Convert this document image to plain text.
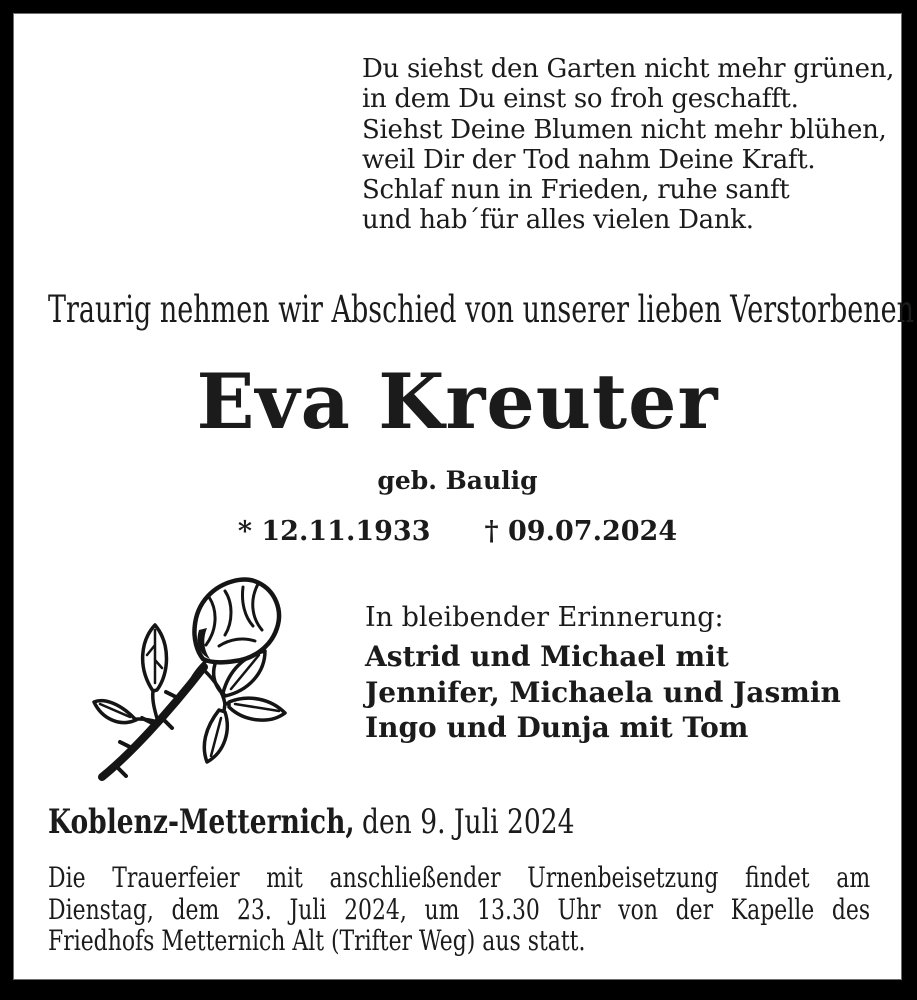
Du siehst den Garten nicht mehr grünen,
in dem Du einst so froh geschafft.
Siehst Deine Blumen nicht mehr blühen,
weil Dir der Tod nahm Deine Kraft.
Schlaf nun in Frieden, ruhe sanft
und hab´für alles vielen Dank.
Traurig nehmen wir Abschied von unserer lieben Verstorbenen
Eva Kreuter
geb. Baulig
* 12.11.1933 † 09.07.2024
In bleibender Erinnerung:
Astrid und Michael mit
Jennifer, Michaela und Jasmin
Ingo und Dunja mit Tom
Koblenz-Metternich, den 9. Juli 2024
Die Trauerfeier mit anschließender Urnenbeisetzung findet am
Dienstag, dem 23. Juli 2024, um 13.30 Uhr von der Kapelle des
Friedhofs Metternich Alt (Trifter Weg) aus statt.
